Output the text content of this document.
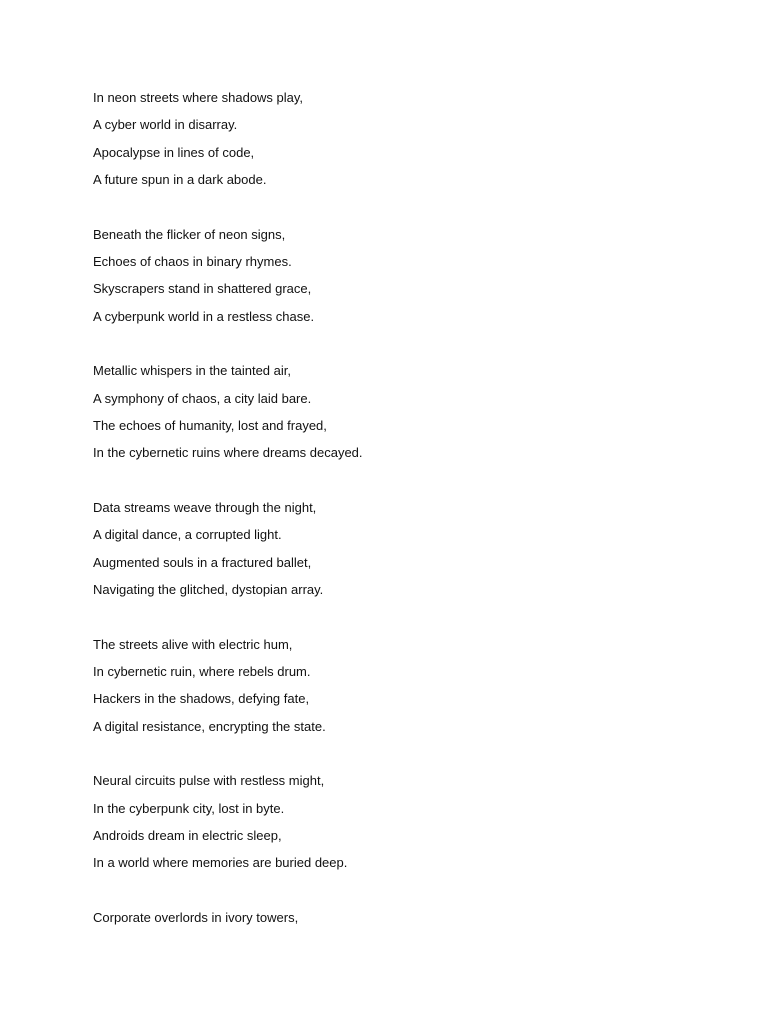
In neon streets where shadows play,
A cyber world in disarray.
Apocalypse in lines of code,
A future spun in a dark abode.
Beneath the flicker of neon signs,
Echoes of chaos in binary rhymes.
Skyscrapers stand in shattered grace,
A cyberpunk world in a restless chase.
Metallic whispers in the tainted air,
A symphony of chaos, a city laid bare.
The echoes of humanity, lost and frayed,
In the cybernetic ruins where dreams decayed.
Data streams weave through the night,
A digital dance, a corrupted light.
Augmented souls in a fractured ballet,
Navigating the glitched, dystopian array.
The streets alive with electric hum,
In cybernetic ruin, where rebels drum.
Hackers in the shadows, defying fate,
A digital resistance, encrypting the state.
Neural circuits pulse with restless might,
In the cyberpunk city, lost in byte.
Androids dream in electric sleep,
In a world where memories are buried deep.
Corporate overlords in ivory towers,
